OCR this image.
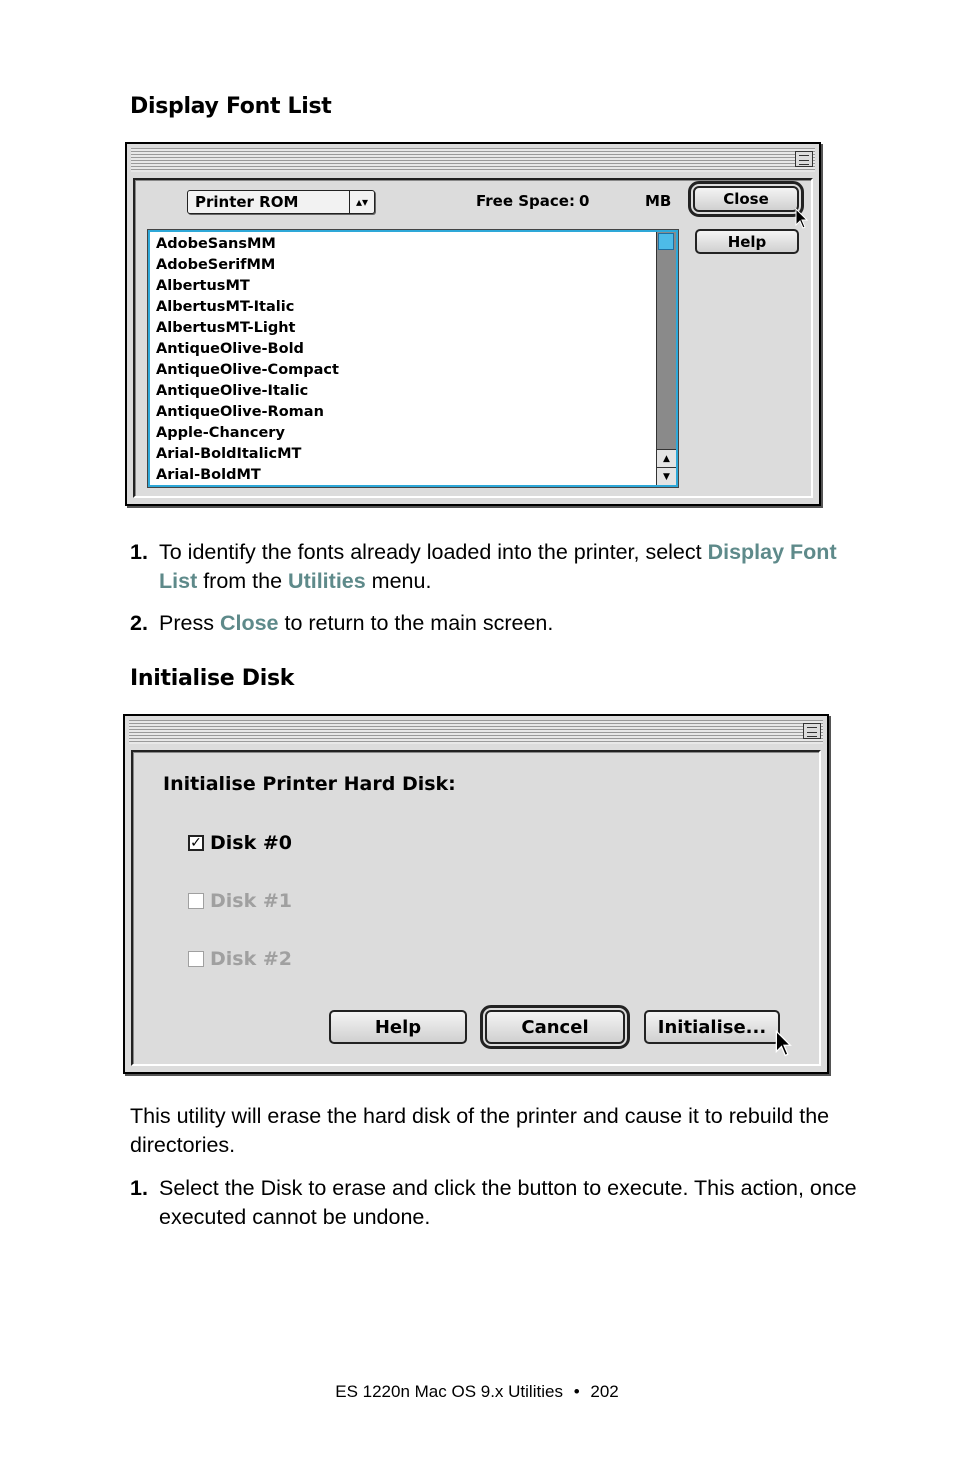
Display Font List
Printer ROM	▴▾	Free Space: 0	MB	Close
Help
AdobeSansMM
AdobeSerifMM
AlbertusMT
AlbertusMT-Italic
AlbertusMT-Light
AntiqueOlive-Bold
AntiqueOlive-Compact
AntiqueOlive-Italic
AntiqueOlive-Roman
Apple-Chancery
Arial-BoldItalicMT
Arial-BoldMT
▲
▼
1. To identify the fonts already loaded into the printer, select Display Font List from the Utilities menu.
2. Press Close to return to the main screen.
Initialise Disk
Initialise Printer Hard Disk:
✓ Disk #0
Disk #1
Disk #2
Help	Cancel	Initialise...

This utility will erase the hard disk of the printer and cause it to rebuild the directories.

1. Select the Disk to erase and click the button to execute. This action, once executed cannot be undone.
ES 1220n Mac OS 9.x Utilities • 202
